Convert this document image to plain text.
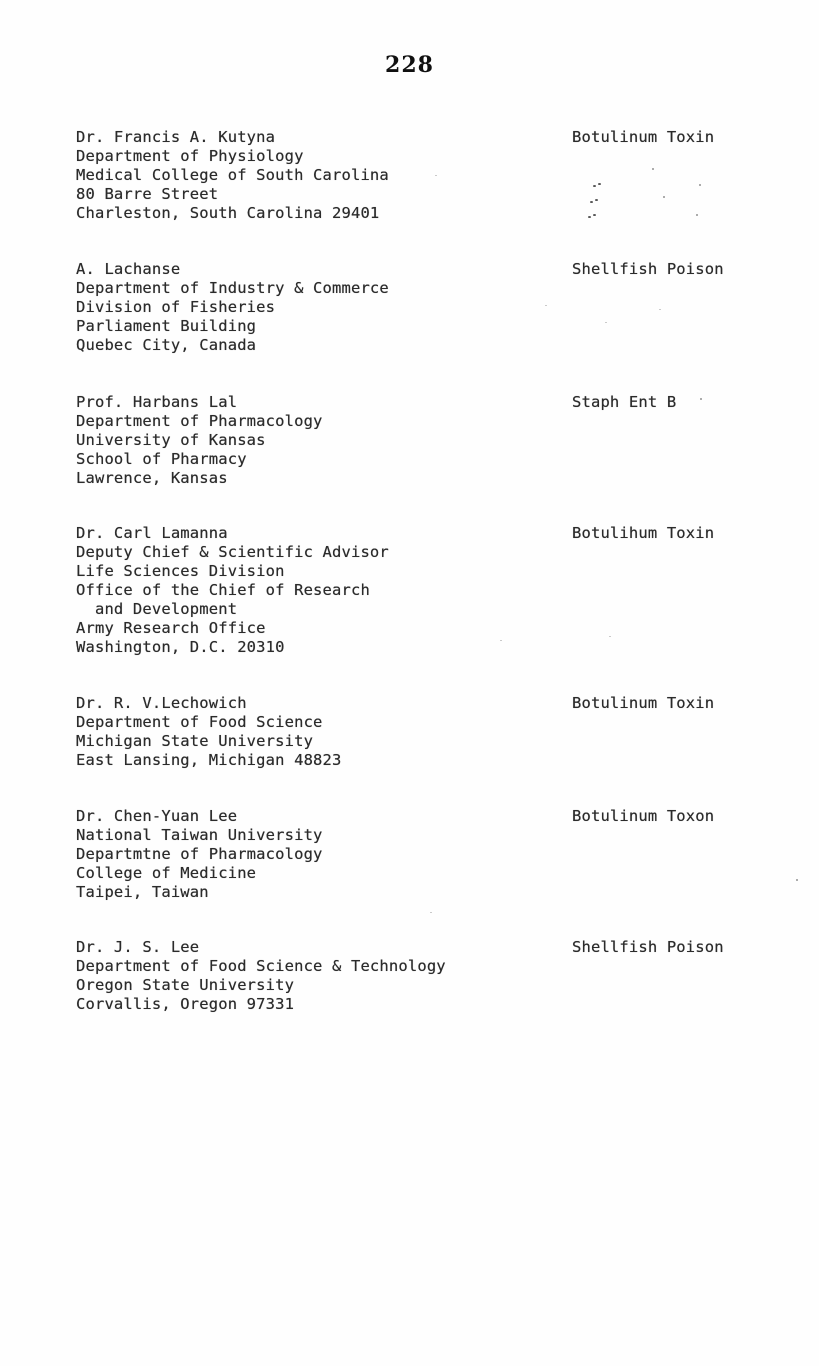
228
Dr. Francis A. Kutyna
Department of Physiology
Medical College of South Carolina
80 Barre Street
Charleston, South Carolina 29401
Botulinum Toxin
A. Lachanse
Department of Industry & Commerce
Division of Fisheries
Parliament Building
Quebec City, Canada
Shellfish Poison
Prof. Harbans Lal
Department of Pharmacology
University of Kansas
School of Pharmacy
Lawrence, Kansas
Staph Ent B
Dr. Carl Lamanna
Deputy Chief & Scientific Advisor
Life Sciences Division
Office of the Chief of Research
and Development
Army Research Office
Washington, D.C. 20310
Botulihum Toxin
Dr. R. V.Lechowich
Department of Food Science
Michigan State University
East Lansing, Michigan 48823
Botulinum Toxin
Dr. Chen-Yuan Lee
National Taiwan University
Departmtne of Pharmacology
College of Medicine
Taipei, Taiwan
Botulinum Toxon
Dr. J. S. Lee
Department of Food Science & Technology
Oregon State University
Corvallis, Oregon 97331
Shellfish Poison
